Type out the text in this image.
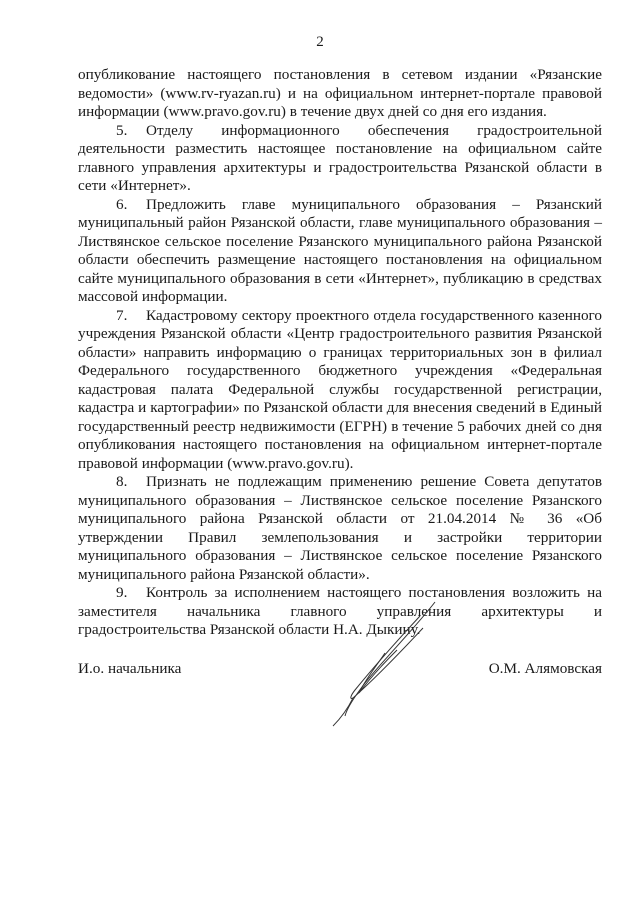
2

опубликование настоящего постановления в сетевом издании «Рязанские ведомости» (www.rv-ryazan.ru) и на официальном интернет-портале правовой информации (www.pravo.gov.ru) в течение двух дней со дня его издания.

5. Отделу информационного обеспечения градостроительной деятельности разместить настоящее постановление на официальном сайте главного управления архитектуры и градостроительства Рязанской области в сети «Интернет».

6. Предложить главе муниципального образования – Рязанский муниципальный район Рязанской области, главе муниципального образования – Листвянское сельское поселение Рязанского муниципального района Рязанской области обеспечить размещение настоящего постановления на официальном сайте муниципального образования в сети «Интернет», публикацию в средствах массовой информации.

7. Кадастровому сектору проектного отдела государственного казенного учреждения Рязанской области «Центр градостроительного развития Рязанской области» направить информацию о границах территориальных зон в филиал Федерального государственного бюджетного учреждения «Федеральная кадастровая палата Федеральной службы государственной регистрации, кадастра и картографии» по Рязанской области для внесения сведений в Единый государственный реестр недвижимости (ЕГРН) в течение 5 рабочих дней со дня опубликования настоящего постановления на официальном интернет-портале правовой информации (www.pravo.gov.ru).

8. Признать не подлежащим применению решение Совета депутатов муниципального образования – Листвянское сельское поселение Рязанского муниципального района Рязанской области от 21.04.2014 № 36 «Об утверждении Правил землепользования и застройки территории муниципального образования – Листвянское сельское поселение Рязанского муниципального района Рязанской области».

9. Контроль за исполнением настоящего постановления возложить на заместителя начальника главного управления архитектуры и градостроительства Рязанской области Н.А. Дыкину.

И.о. начальника	О.М. Алямовская
